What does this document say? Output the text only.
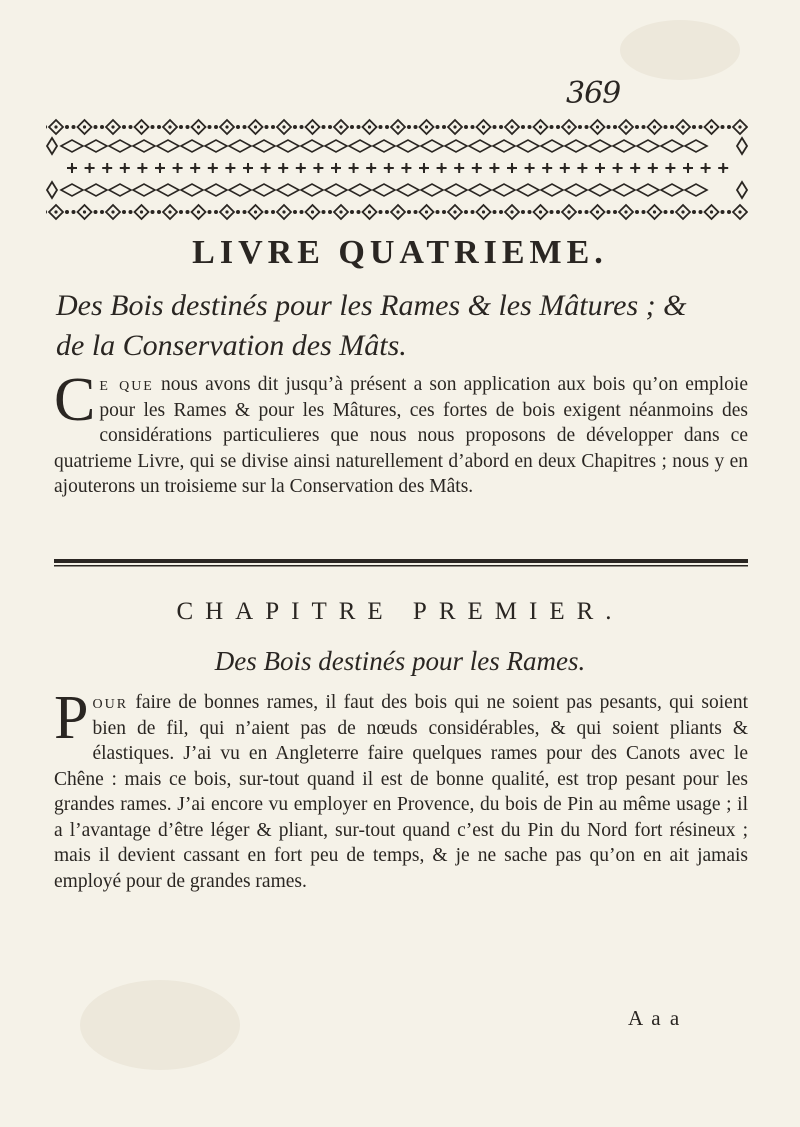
369
LIVRE QUATRIEME.
Des Bois destinés pour les Rames & les Mâtures ; & de la Conservation des Mâts.
Ce que nous avons dit jusqu’à présent a son application aux bois qu’on emploie pour les Rames & pour les Mâtures, ces fortes de bois exigent néanmoins des considérations particulieres que nous nous proposons de développer dans ce quatrieme Livre, qui se divise ainsi naturellement d’abord en deux Chapitres ; nous y en ajouterons un troisieme sur la Conservation des Mâts.
CHAPITRE PREMIER.
Des Bois destinés pour les Rames.
Pour faire de bonnes rames, il faut des bois qui ne soient pas pesants, qui soient bien de fil, qui n’aient pas de nœuds considérables, & qui soient pliants & élastiques. J’ai vu en Angleterre faire quelques rames pour des Canots avec le Chêne : mais ce bois, sur-tout quand il est de bonne qualité, est trop pesant pour les grandes rames. J’ai encore vu employer en Provence, du bois de Pin au même usage ; il a l’avantage d’être léger & pliant, sur-tout quand c’est du Pin du Nord fort résineux ; mais il devient cassant en fort peu de temps, & je ne sache pas qu’on en ait jamais employé pour de grandes rames.
A a a
